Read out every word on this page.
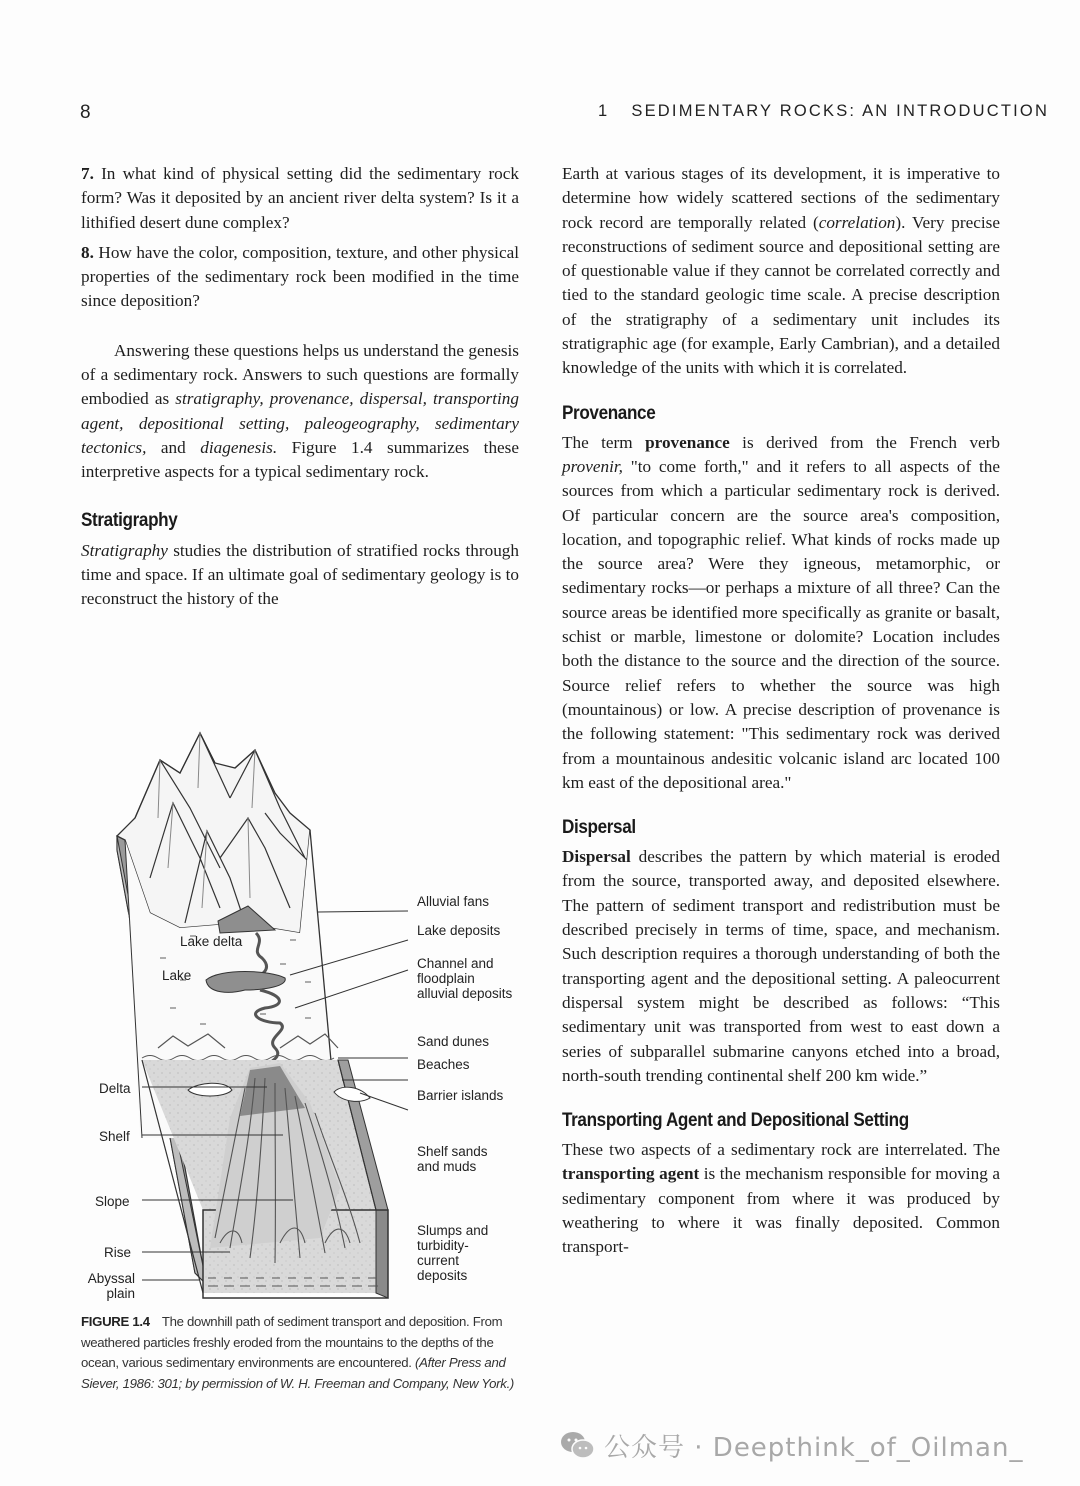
8	1 SEDIMENTARY ROCKS: AN INTRODUCTION

7. In what kind of physical setting did the sedimentary rock form? Was it deposited by an ancient river delta system? Is it a lithified desert dune complex?

8. How have the color, composition, texture, and other physical properties of the sedimentary rock been modified in the time since deposition?

Answering these questions helps us understand the genesis of a sedimentary rock. Answers to such questions are formally embodied as stratigraphy, provenance, dispersal, transporting agent, depositional setting, paleogeography, sedimentary tectonics, and diagenesis. Figure 1.4 summarizes these interpretive aspects for a typical sedimentary rock.

Stratigraphy

Stratigraphy studies the distribution of stratified rocks through time and space. If an ultimate goal of sedimentary geology is to reconstruct the history of the

Lake delta
Lake
Delta
Shelf
Slope
Rise
Abyssal
plain
Alluvial fans
Lake deposits
Channel and
floodplain
alluvial deposits
Sand dunes
Beaches
Barrier islands
Shelf sands
and muds
Slumps and
turbidity-
current
deposits
FIGURE 1.4 The downhill path of sediment transport and deposition. From weathered particles freshly eroded from the mountains to the depths of the ocean, various sedimentary environments are encountered. (After Press and Siever, 1986: 301; by permission of W. H. Freeman and Company, New York.)

Earth at various stages of its development, it is imperative to determine how widely scattered sections of the sedimentary rock record are temporally related (correlation). Very precise reconstructions of sediment source and depositional setting are of questionable value if they cannot be correlated correctly and tied to the standard geologic time scale. A precise description of the stratigraphy of a sedimentary unit includes its stratigraphic age (for example, Early Cambrian), and a detailed knowledge of the units with which it is correlated.

Provenance

The term provenance is derived from the French verb provenir, "to come forth," and it refers to all aspects of the sources from which a particular sedimentary rock is derived. Of particular concern are the source area's composition, location, and topographic relief. What kinds of rocks made up the source area? Were they igneous, metamorphic, or sedimentary rocks—or perhaps a mixture of all three? Can the source areas be identified more specifically as granite or basalt, schist or marble, limestone or dolomite? Location includes both the distance to the source and the direction of the source. Source relief refers to whether the source was high (mountainous) or low. A precise description of provenance is the following statement: "This sedimentary rock was derived from a mountainous andesitic volcanic island arc located 100 km east of the depositional area."

Dispersal

Dispersal describes the pattern by which material is eroded from the source, transported away, and deposited elsewhere. The pattern of sediment transport and redistribution must be described precisely in terms of time, space, and mechanism. Such description requires a thorough understanding of both the transporting agent and the depositional setting. A paleocurrent dispersal system might be described as follows: “This sedimentary unit was transported from west to east down a series of subparallel submarine canyons etched into a broad, north-south trending continental shelf 200 km wide.”

Transporting Agent and Depositional Setting

These two aspects of a sedimentary rock are interrelated. The transporting agent is the mechanism responsible for moving a sedimentary component from where it was produced by weathering to where it was finally deposited. Common transport-

公众号 · Deepthink_of_Oilman_
